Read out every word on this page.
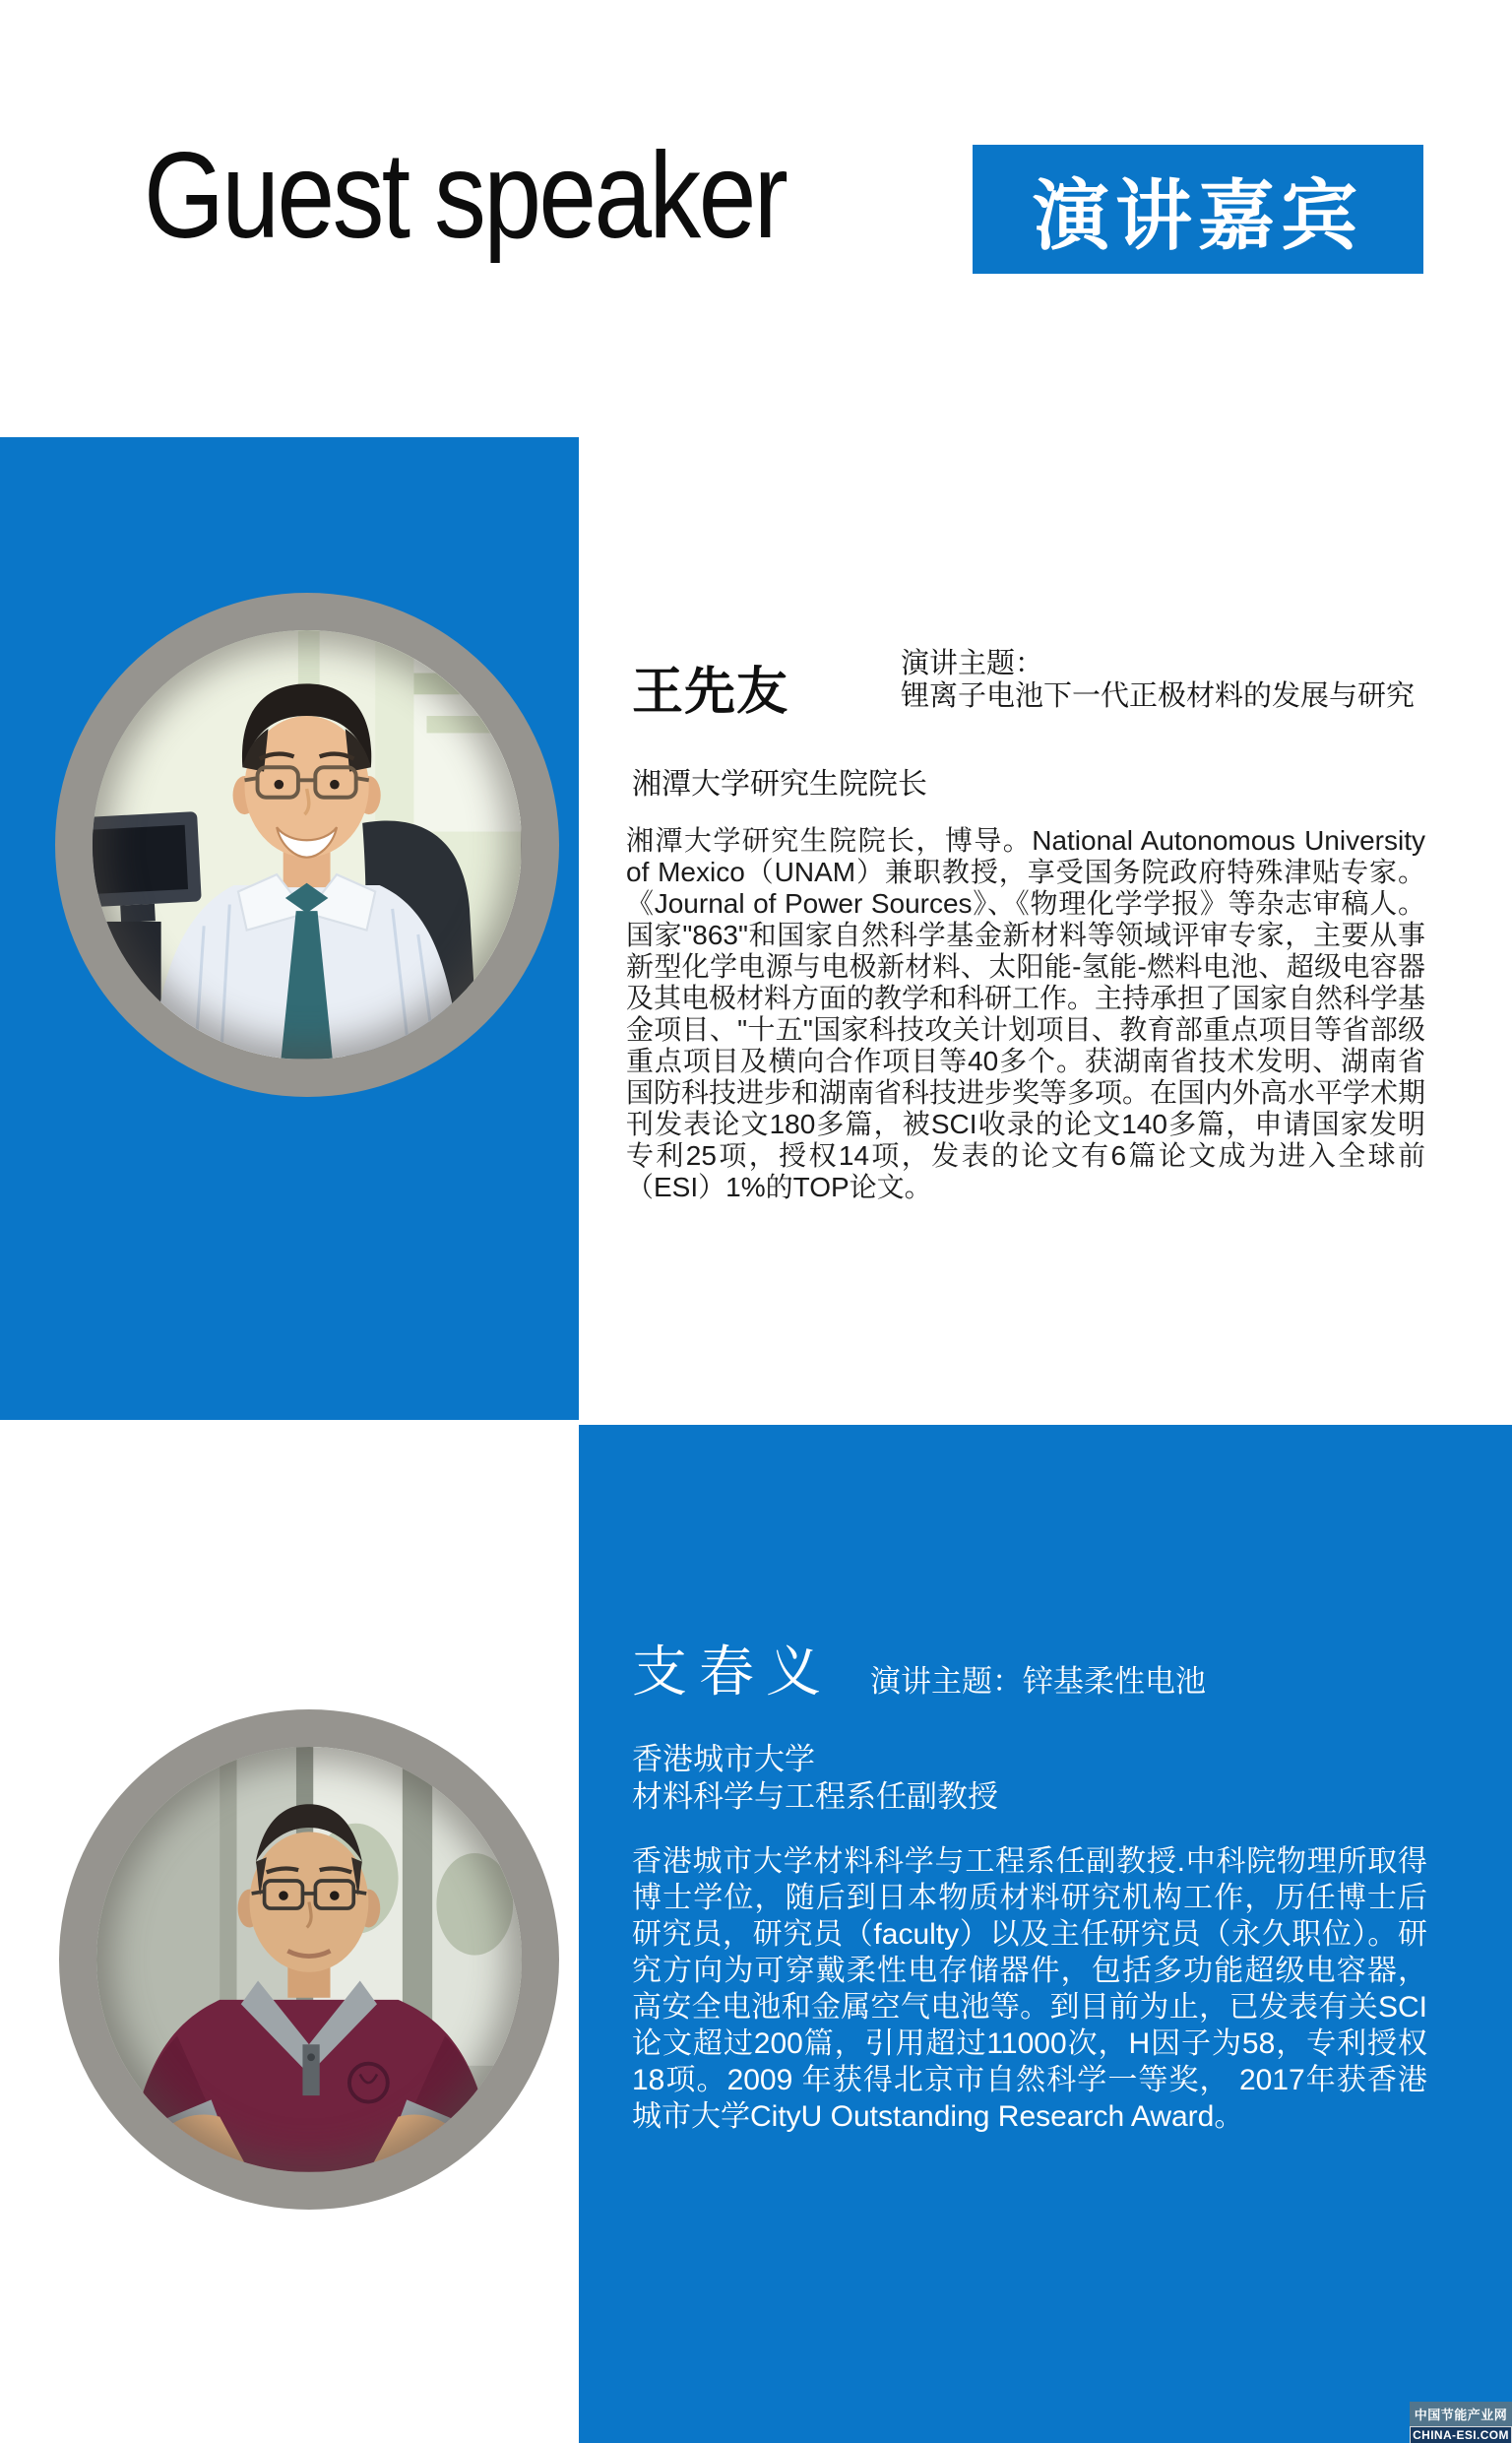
Guest speaker	演讲嘉宾
王先友	演讲主题：
锂离子电池下一代正极材料的发展与研究
湘潭大学研究生院院长

湘潭大学研究生院院长，博导。National Autonomous University of Mexico（UNAM）兼职教授，享受国务院政府特殊津贴专家。《Journal of Power Sources》、《物理化学学报》等杂志审稿人。国家"863"和国家自然科学基金新材料等领域评审专家，主要从事新型化学电源与电极新材料、太阳能-氢能-燃料电池、超级电容器及其电极材料方面的教学和科研工作。主持承担了国家自然科学基金项目、"十五"国家科技攻关计划项目、教育部重点项目等省部级重点项目及横向合作项目等40多个。获湖南省技术发明、湖南省国防科技进步和湖南省科技进步奖等多项。在国内外高水平学术期刊发表论文180多篇，被SCI收录的论文140多篇，申请国家发明专利25项，授权14项，发表的论文有6篇论文成为进入全球前（ESI）1%的TOP论文。

支春义 演讲主题：锌基柔性电池
香港城市大学
材料科学与工程系任副教授

香港城市大学材料科学与工程系任副教授.中科院物理所取得博士学位，随后到日本物质材料研究机构工作，历任博士后研究员，研究员（faculty）以及主任研究员（永久职位）。研究方向为可穿戴柔性电存储器件，包括多功能超级电容器，高安全电池和金属空气电池等。到目前为止，已发表有关SCI论文超过200篇，引用超过11000次，H因子为58，专利授权18项。2009 年获得北京市自然科学一等奖， 2017年获香港城市大学CityU Outstanding Research Award。

中国节能产业网
CHINA-ESI.COM
